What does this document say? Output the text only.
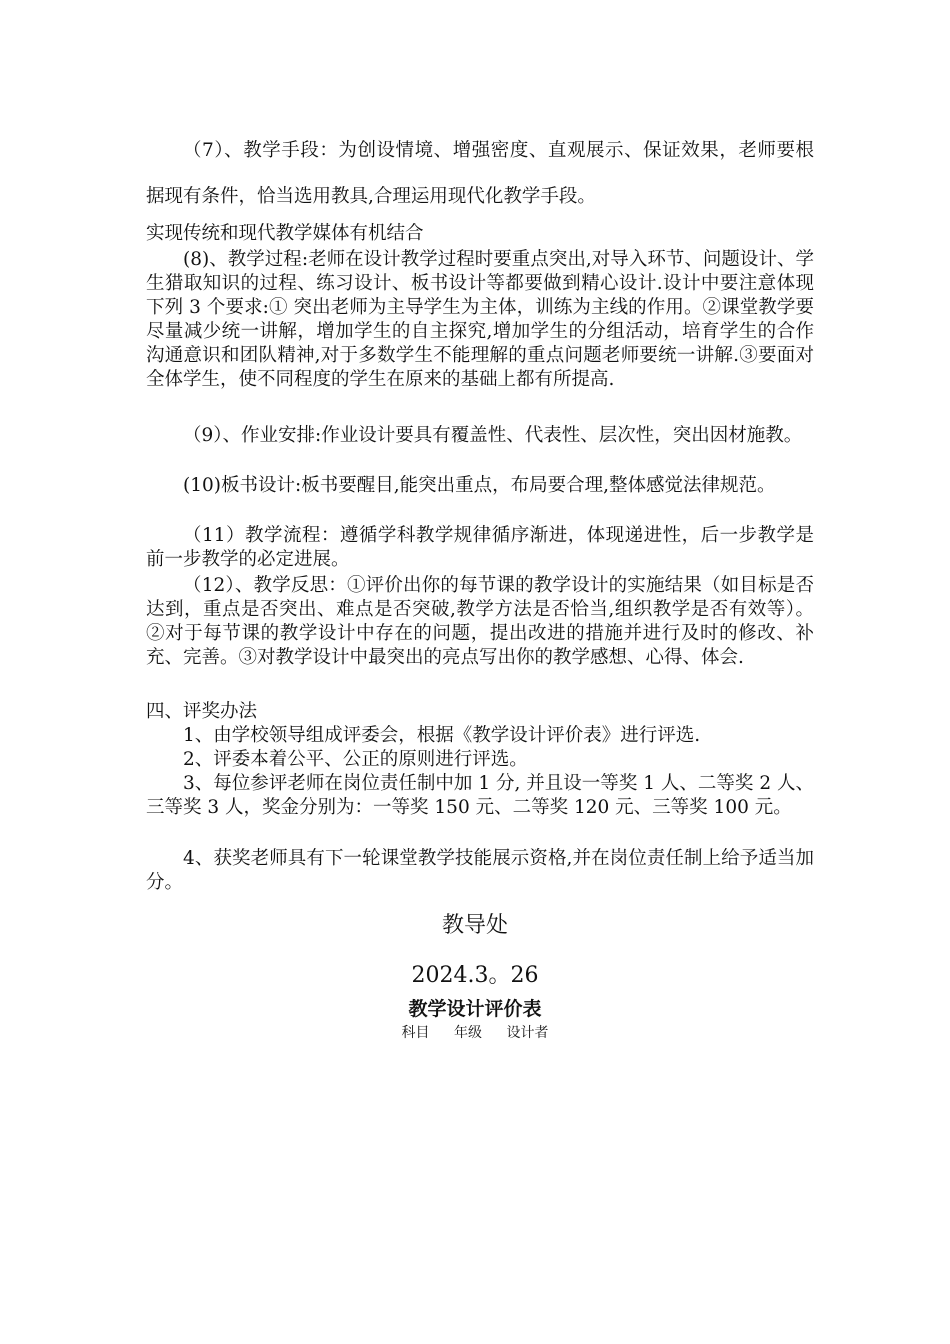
（7）、教学手段：为创设情境、增强密度、直观展示、保证效果，老师要根据现有条件，恰当选用教具,合理运用现代化教学手段。

实现传统和现代教学媒体有机结合

(8)、教学过程:老师在设计教学过程时要重点突出,对导入环节、问题设计、学生猎取知识的过程、练习设计、板书设计等都要做到精心设计.设计中要注意体现下列 3 个要求:① 突出老师为主导学生为主体，训练为主线的作用。②课堂教学要尽量减少统一讲解，增加学生的自主探究,增加学生的分组活动，培育学生的合作沟通意识和团队精神,对于多数学生不能理解的重点问题老师要统一讲解.③要面对全体学生，使不同程度的学生在原来的基础上都有所提高.

（9）、作业安排:作业设计要具有覆盖性、代表性、层次性，突出因材施教。

(10)板书设计:板书要醒目,能突出重点，布局要合理,整体感觉法律规范。

（11）教学流程：遵循学科教学规律循序渐进，体现递进性，后一步教学是前一步教学的必定进展。

（12）、教学反思：①评价出你的每节课的教学设计的实施结果（如目标是否达到，重点是否突出、难点是否突破,教学方法是否恰当,组织教学是否有效等）。②对于每节课的教学设计中存在的问题，提出改进的措施并进行及时的修改、补充、完善。③对教学设计中最突出的亮点写出你的教学感想、心得、体会.

四、评奖办法

1、由学校领导组成评委会，根据《教学设计评价表》进行评选.

2、评委本着公平、公正的原则进行评选。

3、每位参评老师在岗位责任制中加 1 分, 并且设一等奖 1 人、二等奖 2 人、三等奖 3 人，奖金分别为：一等奖 150 元、二等奖 120 元、三等奖 100 元。

4、获奖老师具有下一轮课堂教学技能展示资格,并在岗位责任制上给予适当加分。

教导处

2024.3。26

教学设计评价表

科目 年级 设计者
